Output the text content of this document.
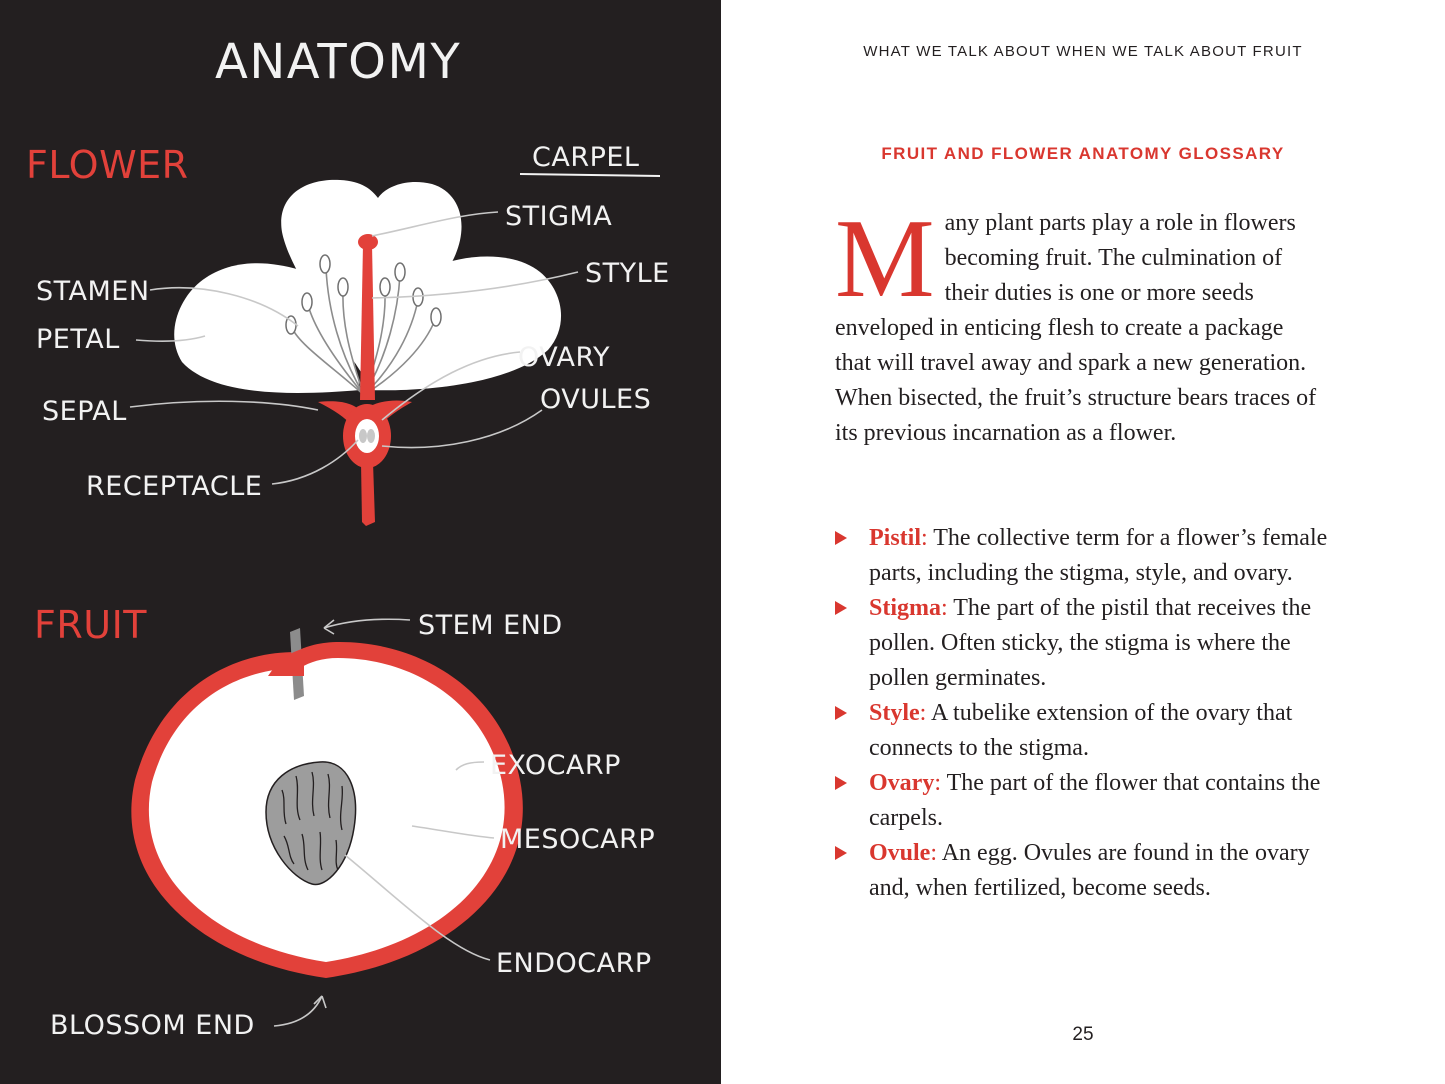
ANATOMY
FLOWER	CARPEL
STIGMA
STYLE
STAMEN
PETAL
OVARY
OVULES
SEPAL
RECEPTACLE
FRUIT	STEM END
EXOCARP
MESOCARP
ENDOCARP
BLOSSOM END
WHAT WE TALK ABOUT WHEN WE TALK ABOUT FRUIT
FRUIT AND FLOWER ANATOMY GLOSSARY

Many plant parts play a role in flowers becoming fruit. The culmination of their duties is one or more seeds enveloped in enticing flesh to create a package that will travel away and spark a new generation. When bisected, the fruit’s structure bears traces of its previous incarnation as a flower.

Pistil: The collective term for a flower’s female parts, including the stigma, style, and ovary.
Stigma: The part of the pistil that receives the pollen. Often sticky, the stigma is where the pollen germinates.
Style: A tubelike extension of the ovary that connects to the stigma.
Ovary: The part of the flower that contains the carpels.
Ovule: An egg. Ovules are found in the ovary and, when fertilized, become seeds.
25
